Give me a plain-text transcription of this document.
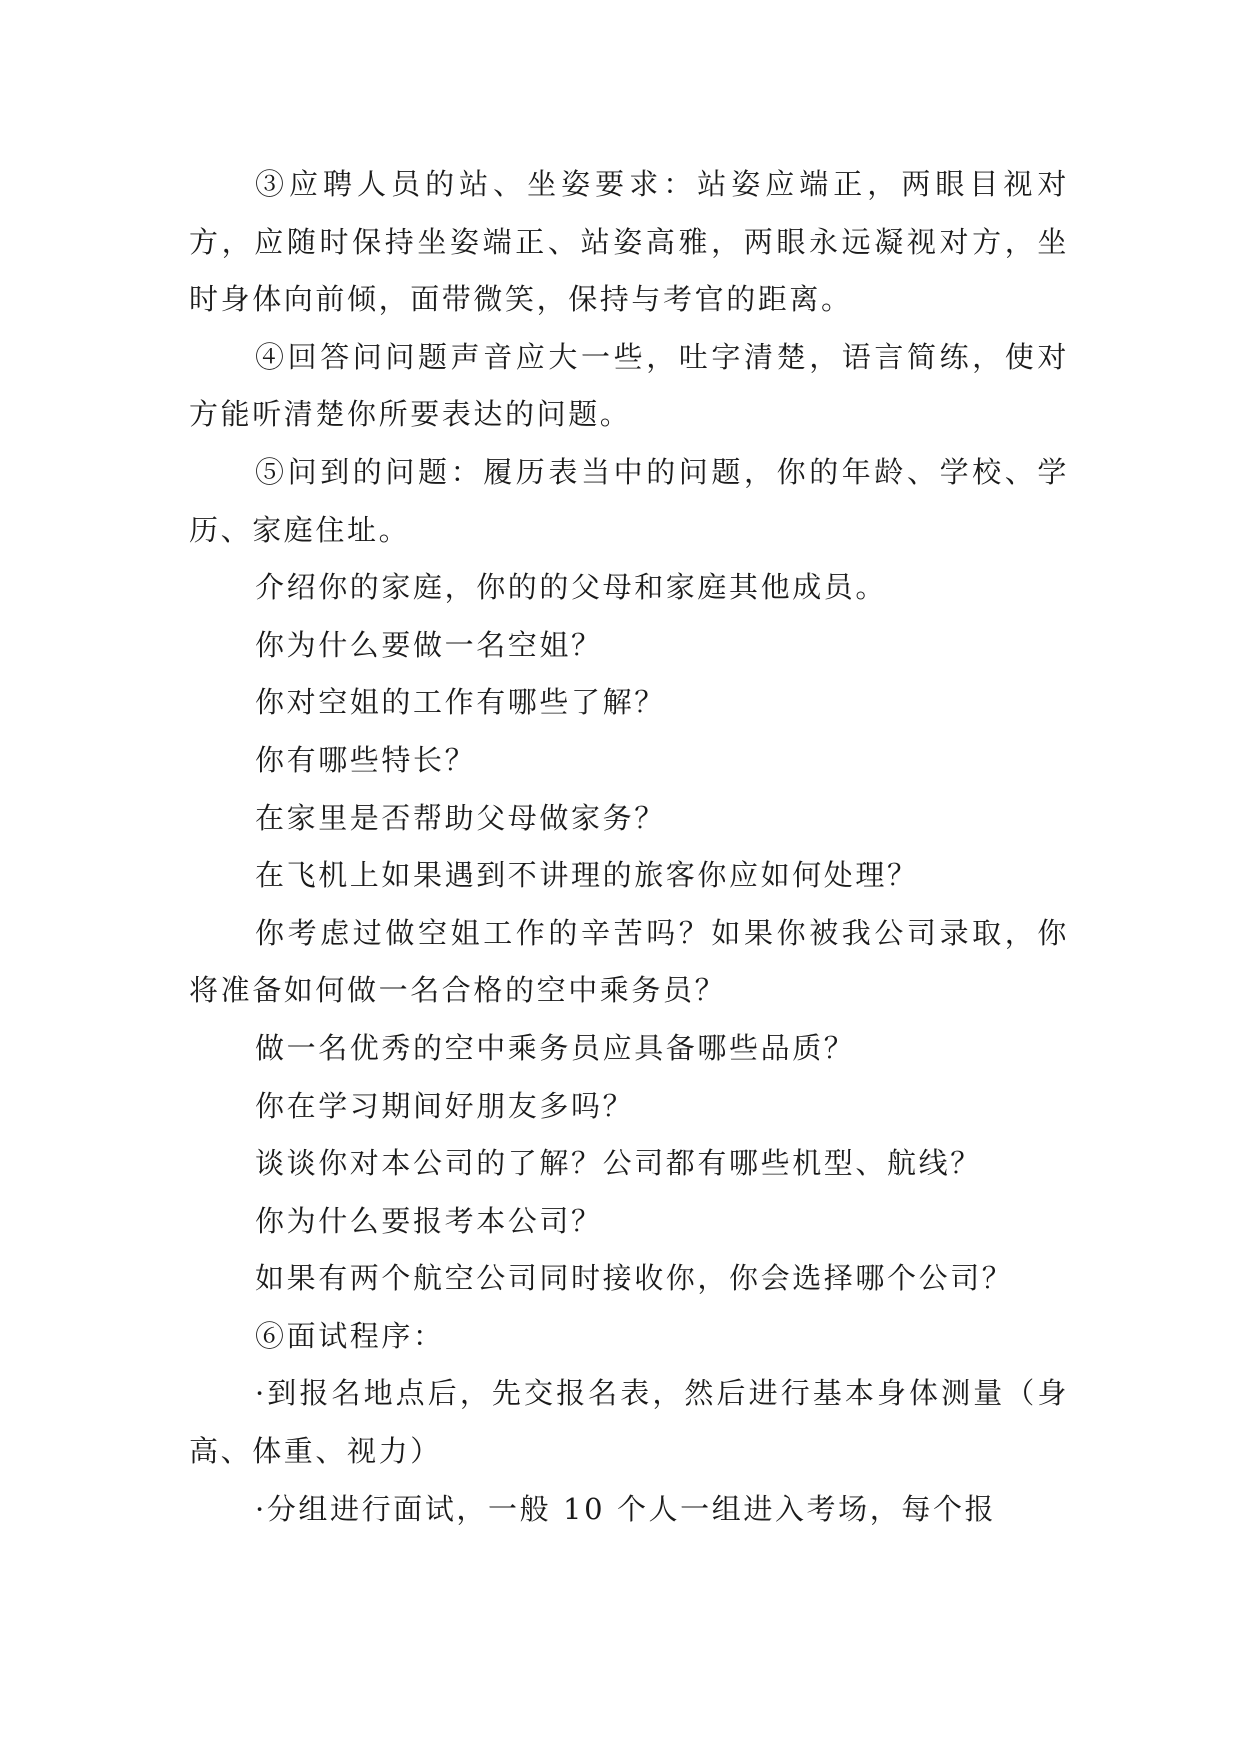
③应聘人员的站、坐姿要求：站姿应端正，两眼目视对方，应随时保持坐姿端正、站姿高雅，两眼永远凝视对方，坐时身体向前倾，面带微笑，保持与考官的距离。

④回答问问题声音应大一些，吐字清楚，语言简练，使对方能听清楚你所要表达的问题。

⑤问到的问题：履历表当中的问题，你的年龄、学校、学历、家庭住址。

介绍你的家庭，你的的父母和家庭其他成员。

你为什么要做一名空姐？

你对空姐的工作有哪些了解？

你有哪些特长？

在家里是否帮助父母做家务？

在飞机上如果遇到不讲理的旅客你应如何处理？

你考虑过做空姐工作的辛苦吗？如果你被我公司录取，你将准备如何做一名合格的空中乘务员？

做一名优秀的空中乘务员应具备哪些品质？

你在学习期间好朋友多吗？

谈谈你对本公司的了解？公司都有哪些机型、航线？

你为什么要报考本公司？

如果有两个航空公司同时接收你，你会选择哪个公司？

⑥面试程序：

·到报名地点后，先交报名表，然后进行基本身体测量（身高、体重、视力）

·分组进行面试，一般 10 个人一组进入考场，每个报
